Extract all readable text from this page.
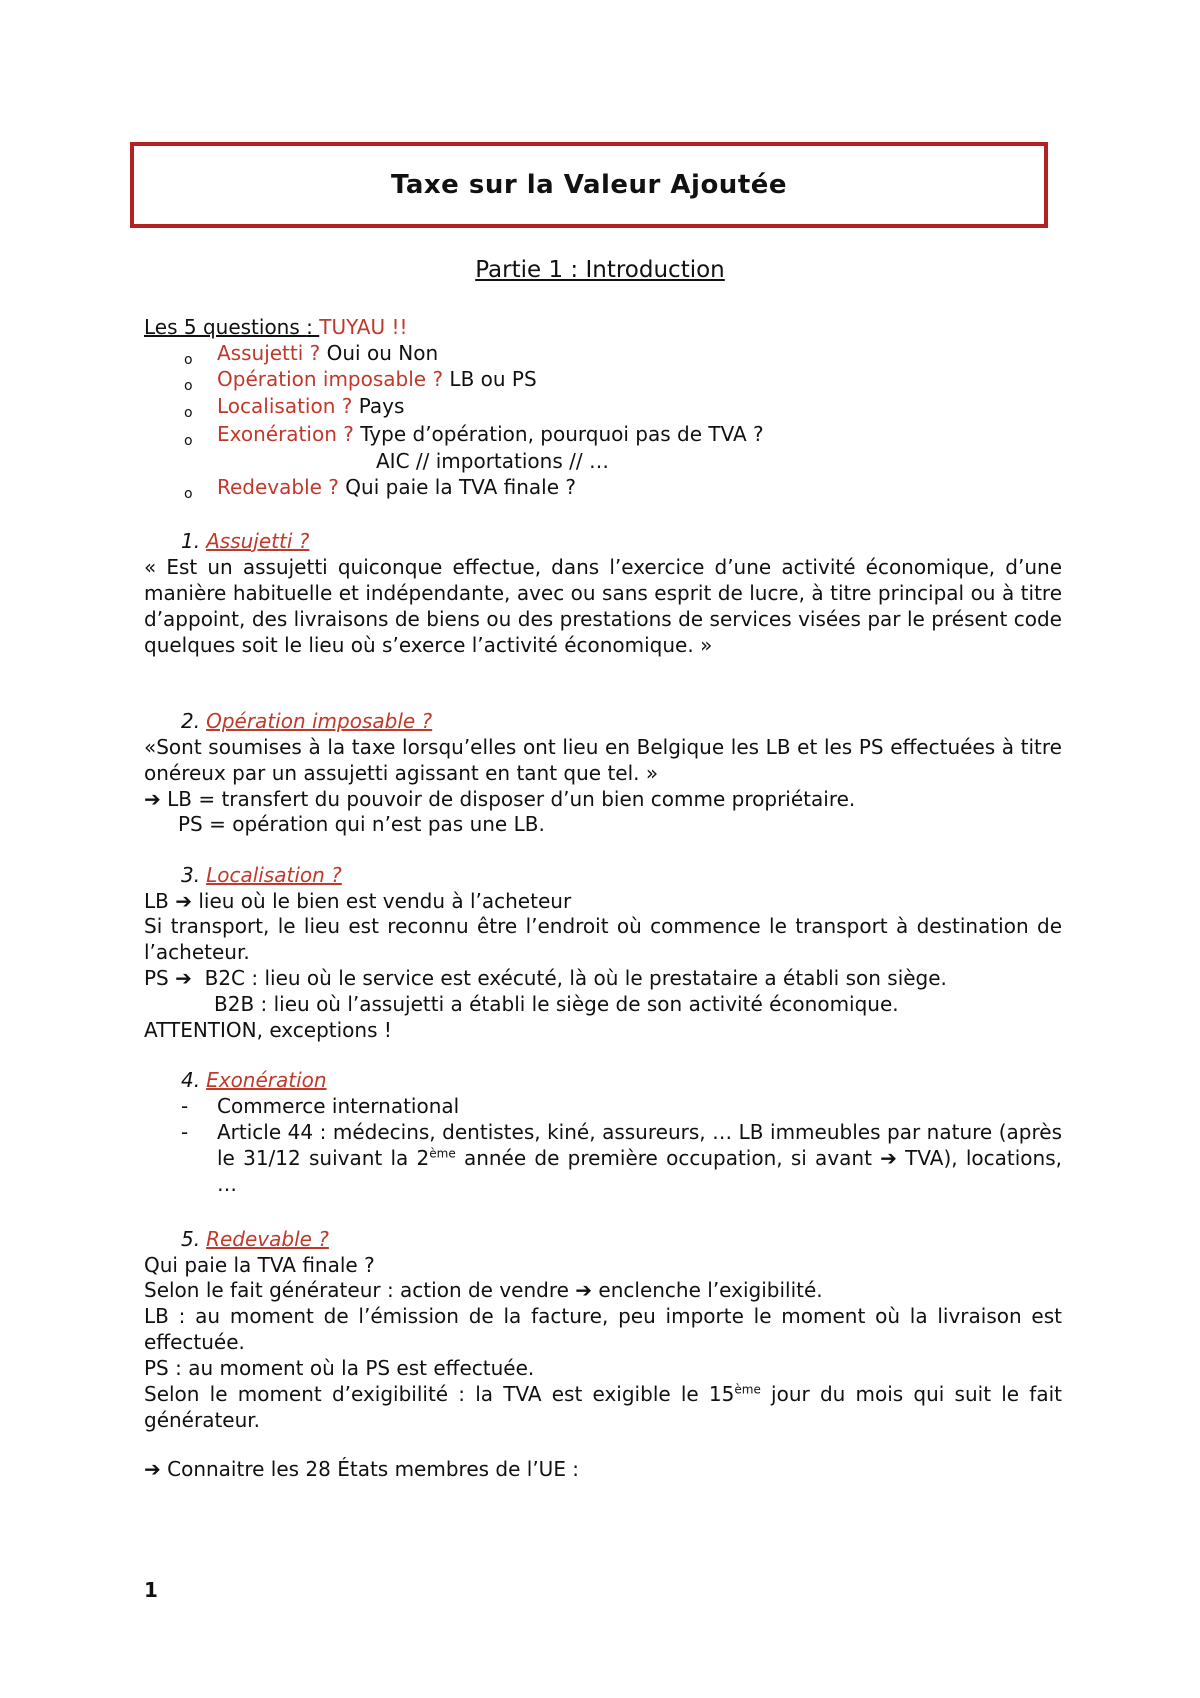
Taxe sur la Valeur Ajoutée
Partie 1 : Introduction
Les 5 questions : TUYAU !!
o Assujetti ? Oui ou Non
o Opération imposable ? LB ou PS
o Localisation ? Pays
o Exonération ? Type d’opération, pourquoi pas de TVA ?
AIC // importations // …
o Redevable ? Qui paie la TVA finale ?
1. Assujetti ?
« Est un assujetti quiconque effectue, dans l’exercice d’une activité économique, d’une manière habituelle et indépendante, avec ou sans esprit de lucre, à titre principal ou à titre d’appoint, des livraisons de biens ou des prestations de services visées par le présent code quelques soit le lieu où s’exerce l’activité économique. »
2. Opération imposable ?
«Sont soumises à la taxe lorsqu’elles ont lieu en Belgique les LB et les PS effectuées à titre onéreux par un assujetti agissant en tant que tel. »
➔ LB = transfert du pouvoir de disposer d’un bien comme propriétaire.
PS = opération qui n’est pas une LB.
3. Localisation ?
LB ➔ lieu où le bien est vendu à l’acheteur
Si transport, le lieu est reconnu être l’endroit où commence le transport à destination de l’acheteur.
PS ➔ B2C : lieu où le service est exécuté, là où le prestataire a établi son siège.
B2B : lieu où l’assujetti a établi le siège de son activité économique.
ATTENTION, exceptions !
4. Exonération
- Commerce international
- Article 44 : médecins, dentistes, kiné, assureurs, … LB immeubles par nature (après le 31/12 suivant la 2ème année de première occupation, si avant ➔ TVA), locations, …
5. Redevable ?
Qui paie la TVA finale ?
Selon le fait générateur : action de vendre ➔ enclenche l’exigibilité.
LB : au moment de l’émission de la facture, peu importe le moment où la livraison est effectuée.
PS : au moment où la PS est effectuée.
Selon le moment d’exigibilité : la TVA est exigible le 15ème jour du mois qui suit le fait générateur.
➔ Connaitre les 28 États membres de l’UE :
1
